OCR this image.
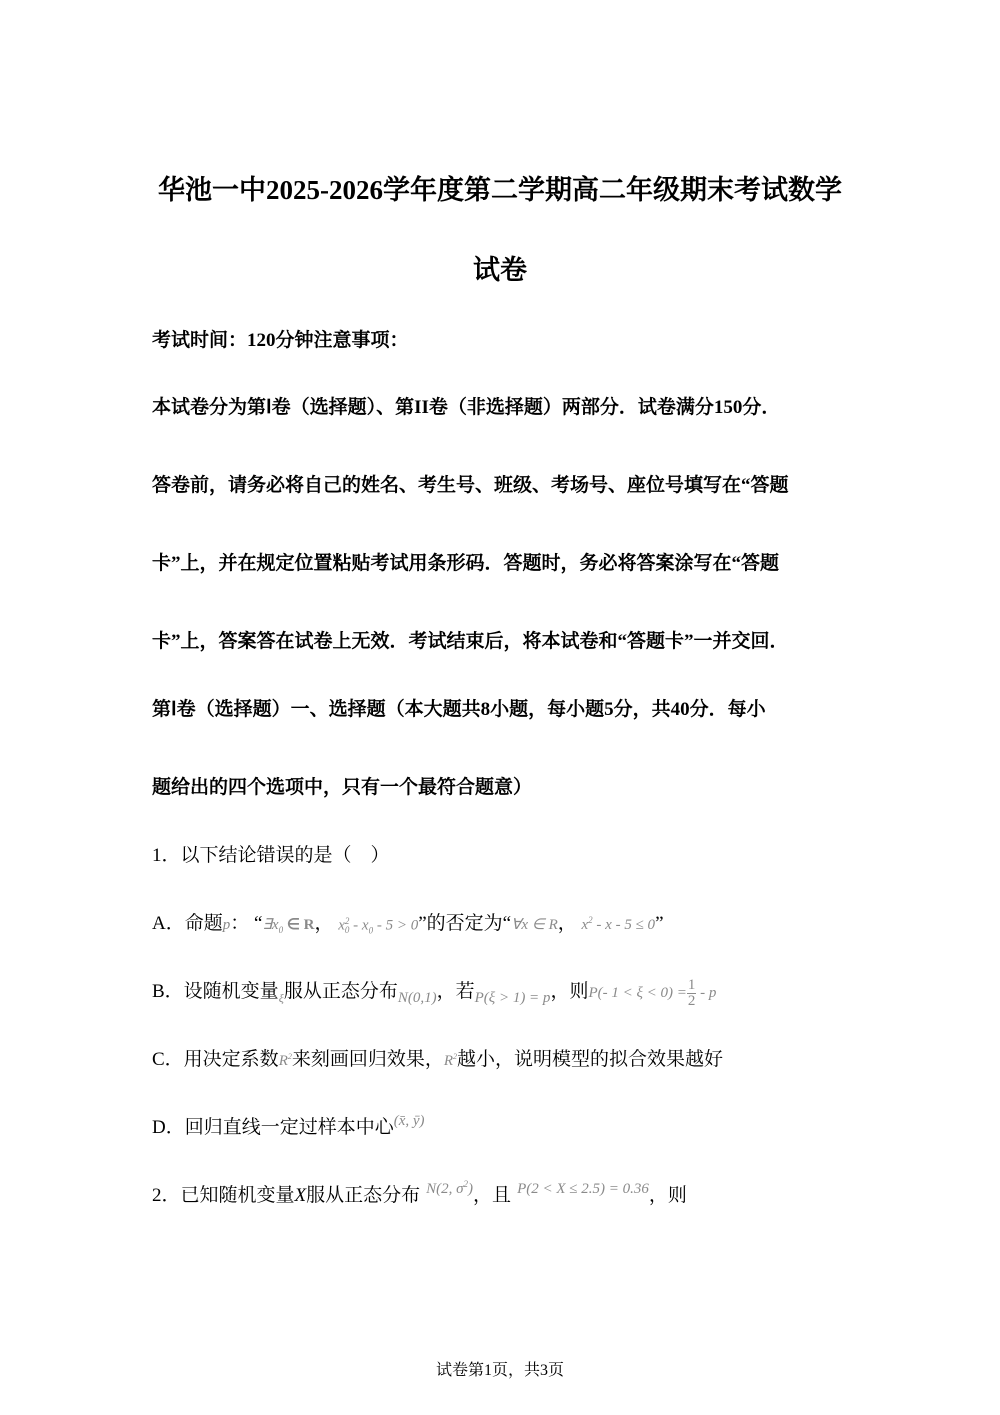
华池一中2025-2026学年度第二学期高二年级期末考试数学
试卷
考试时间：120分钟注意事项：
本试卷分为第Ⅰ卷（选择题）、第II卷（非选择题）两部分．试卷满分150分．
答卷前，请务必将自己的姓名、考生号、班级、考场号、座位号填写在“答题
卡”上，并在规定位置粘贴考试用条形码．答题时，务必将答案涂写在“答题
卡”上，答案答在试卷上无效．考试结束后，将本试卷和“答题卡”一并交回．
第Ⅰ卷（选择题）一、选择题（本大题共8小题，每小题5分，共40分．每小
题给出的四个选项中，只有一个最符合题意）
1．以下结论错误的是（　）
A．命题p： “$\exists x_0$ ∈ R， x 2
$0 - x_0 - 5 > 0$”的否定为“∀x ∈ R， $x^2 - x - 5 \le 0$”
B．设随机变量ξ服从正态分布N(0,1)，若P(ξ > 1) = p，则P(- $1 < \xi < 0) = \frac{1}{2} - p$
C．用决定系数$R^2$来刻画回归效果，$R^2$越小，说明模型的拟合效果越好
D．回归直线一定过样本中心(x̄, ȳ)
2．已知随机变量X服从正态分布 N(2, $\sigma^2$)，且 P(2 < X ≤ 2.5) = 0.36，则
试卷第1页，共3页
